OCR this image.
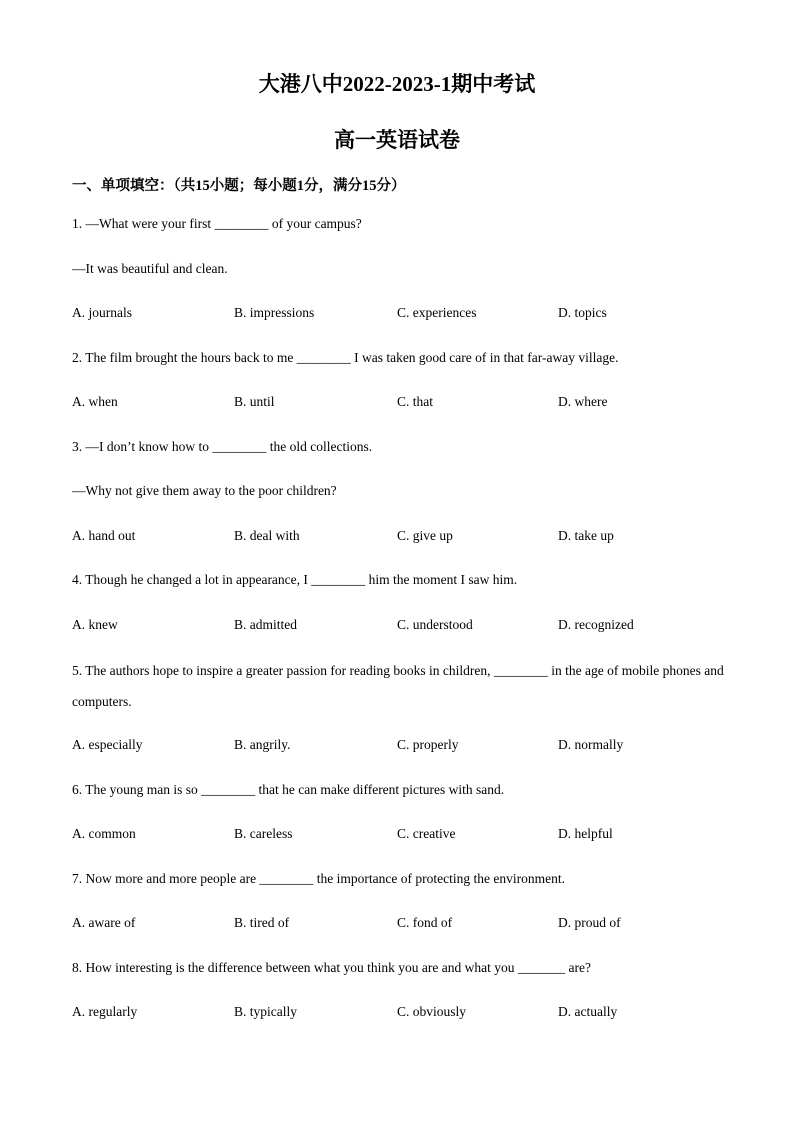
大港八中2022-2023-1期中考试
高一英语试卷
一、单项填空：（共15小题；每小题1分，满分15分）
1. —What were your first ________ of your campus?
—It was beautiful and clean.
A. journals	B. impressions	C. experiences	D. topics
2. The film brought the hours back to me ________ I was taken good care of in that far-away village.
A. when	B. until	C. that	D. where
3. —I don’t know how to ________ the old collections.
—Why not give them away to the poor children?
A. hand out	B. deal with	C. give up	D. take up
4. Though he changed a lot in appearance, I ________ him the moment I saw him.
A. knew	B. admitted	C. understood	D. recognized
5. The authors hope to inspire a greater passion for reading books in children, ________ in the age of mobile phones and computers.
A. especially	B. angrily.	C. properly	D. normally
6. The young man is so ________ that he can make different pictures with sand.
A. common	B. careless	C. creative	D. helpful
7. Now more and more people are ________ the importance of protecting the environment.
A. aware of	B. tired of	C. fond of	D. proud of
8. How interesting is the difference between what you think you are and what you _______ are?
A. regularly	B. typically	C. obviously	D. actually
